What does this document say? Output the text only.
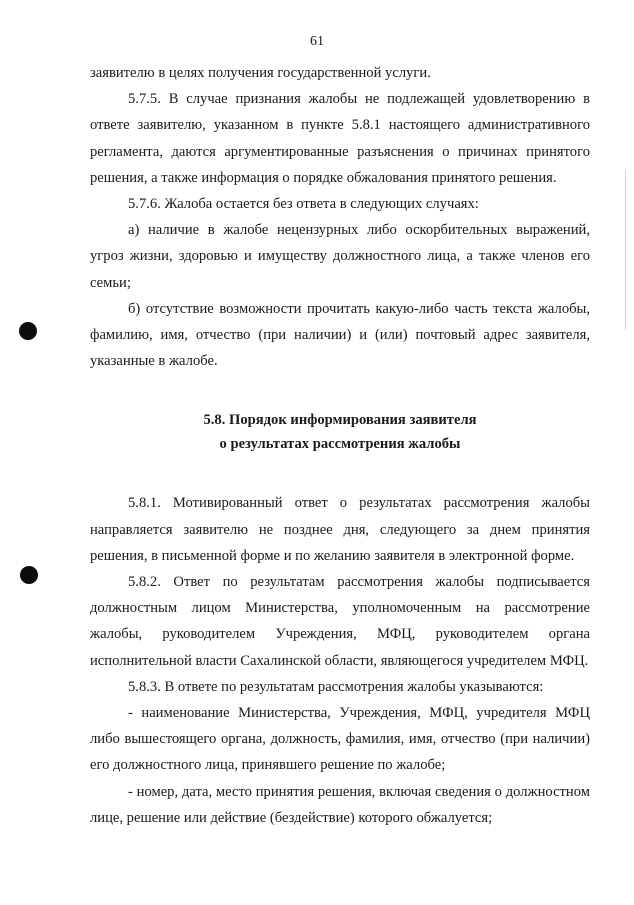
61

заявителю в целях получения государственной услуги.

5.7.5. В случае признания жалобы не подлежащей удовлетворению в ответе заявителю, указанном в пункте 5.8.1 настоящего административного регламента, даются аргументированные разъяснения о причинах принятого решения, а также информация о порядке обжалования принятого решения.

5.7.6. Жалоба остается без ответа в следующих случаях:

а) наличие в жалобе нецензурных либо оскорбительных выражений, угроз жизни, здоровью и имуществу должностного лица, а также членов его семьи;

б) отсутствие возможности прочитать какую-либо часть текста жалобы, фамилию, имя, отчество (при наличии) и (или) почтовый адрес заявителя, указанные в жалобе.

5.8. Порядок информирования заявителя
о результатах рассмотрения жалобы

5.8.1. Мотивированный ответ о результатах рассмотрения жалобы направляется заявителю не позднее дня, следующего за днем принятия решения, в письменной форме и по желанию заявителя в электронной форме.

5.8.2. Ответ по результатам рассмотрения жалобы подписывается должностным лицом Министерства, уполномоченным на рассмотрение жалобы, руководителем Учреждения, МФЦ, руководителем органа исполнительной власти Сахалинской области, являющегося учредителем МФЦ.

5.8.3. В ответе по результатам рассмотрения жалобы указываются:

- наименование Министерства, Учреждения, МФЦ, учредителя МФЦ либо вышестоящего органа, должность, фамилия, имя, отчество (при наличии) его должностного лица, принявшего решение по жалобе;

- номер, дата, место принятия решения, включая сведения о должностном лице, решение или действие (бездействие) которого обжалуется;
